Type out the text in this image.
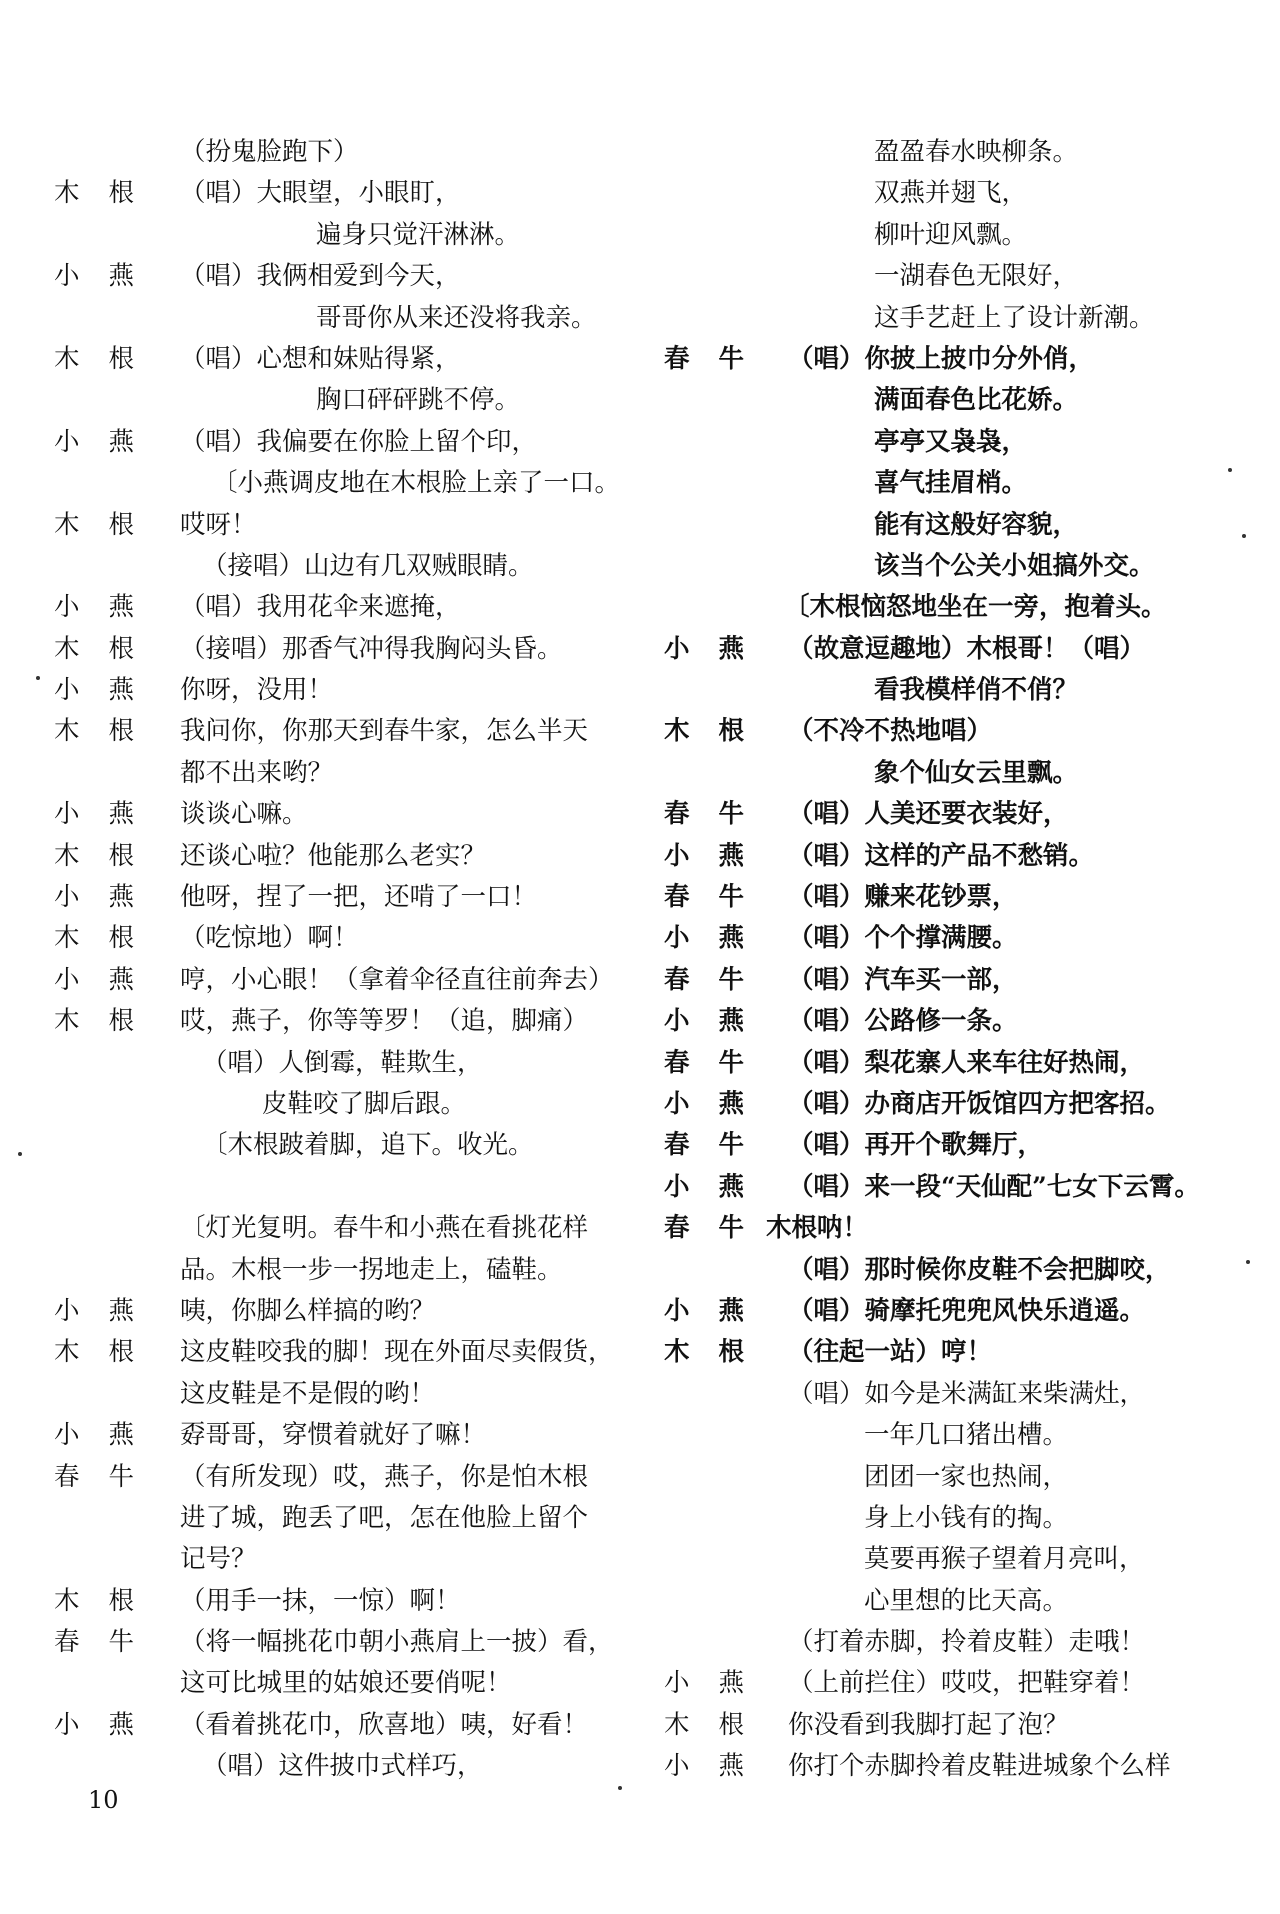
（扮鬼脸跑下）
木根 （唱）大眼望，小眼盯，
遍身只觉汗淋淋。
小燕 （唱）我俩相爱到今天，
哥哥你从来还没将我亲。
木根 （唱）心想和妹贴得紧，
胸口砰砰跳不停。
小燕 （唱）我偏要在你脸上留个印，
〔小燕调皮地在木根脸上亲了一口。
木根 哎呀！
（接唱）山边有几双贼眼睛。
小燕 （唱）我用花伞来遮掩，
木根 （接唱）那香气冲得我胸闷头昏。
小燕 你呀，没用！
木根 我问你，你那天到春牛家，怎么半天
都不出来哟？
小燕 谈谈心嘛。
木根 还谈心啦？他能那么老实？
小燕 他呀，捏了一把，还啃了一口！
木根 （吃惊地）啊！
小燕 哼，小心眼！（拿着伞径直往前奔去）
木根 哎，燕子，你等等罗！（追，脚痛）
（唱）人倒霉，鞋欺生，
皮鞋咬了脚后跟。
〔木根跛着脚，追下。收光。
〔灯光复明。春牛和小燕在看挑花样
品。木根一步一拐地走上，磕鞋。
小燕 咦，你脚么样搞的哟？
木根 这皮鞋咬我的脚！现在外面尽卖假货，
这皮鞋是不是假的哟！
小燕 孬哥哥，穿惯着就好了嘛！
春牛 （有所发现）哎，燕子，你是怕木根
进了城，跑丢了吧，怎在他脸上留个
记号？
木根 （用手一抹，一惊）啊！
春牛 （将一幅挑花巾朝小燕肩上一披）看，
这可比城里的姑娘还要俏呢！
小燕 （看着挑花巾，欣喜地）咦，好看！
（唱）这件披巾式样巧，
盈盈春水映柳条。
双燕并翅飞，
柳叶迎风飘。
一湖春色无限好，
这手艺赶上了设计新潮。
春牛 （唱）你披上披巾分外俏，
满面春色比花娇。
亭亭又袅袅，
喜气挂眉梢。
能有这般好容貌，
该当个公关小姐搞外交。
〔木根恼怒地坐在一旁，抱着头。
小燕 （故意逗趣地）木根哥！（唱）
看我模样俏不俏？
木根 （不冷不热地唱）
象个仙女云里飘。
春牛 （唱）人美还要衣装好，
小燕 （唱）这样的产品不愁销。
春牛 （唱）赚来花钞票，
小燕 （唱）个个撑满腰。
春牛 （唱）汽车买一部，
小燕 （唱）公路修一条。
春牛 （唱）梨花寨人来车往好热闹，
小燕 （唱）办商店开饭馆四方把客招。
春牛 （唱）再开个歌舞厅，
小燕 （唱）来一段“天仙配”七女下云霄。
春牛
木根呐！
（唱）那时候你皮鞋不会把脚咬，
小燕 （唱）骑摩托兜兜风快乐逍遥。
木根 （往起一站）哼！
（唱）如今是米满缸来柴满灶，
一年几口猪出槽。
团团一家也热闹，
身上小钱有的掏。
莫要再猴子望着月亮叫，
心里想的比天高。
（打着赤脚，拎着皮鞋）走哦！
小燕 （上前拦住）哎哎，把鞋穿着！
木根 你没看到我脚打起了泡？
小燕 你打个赤脚拎着皮鞋进城象个么样
10
